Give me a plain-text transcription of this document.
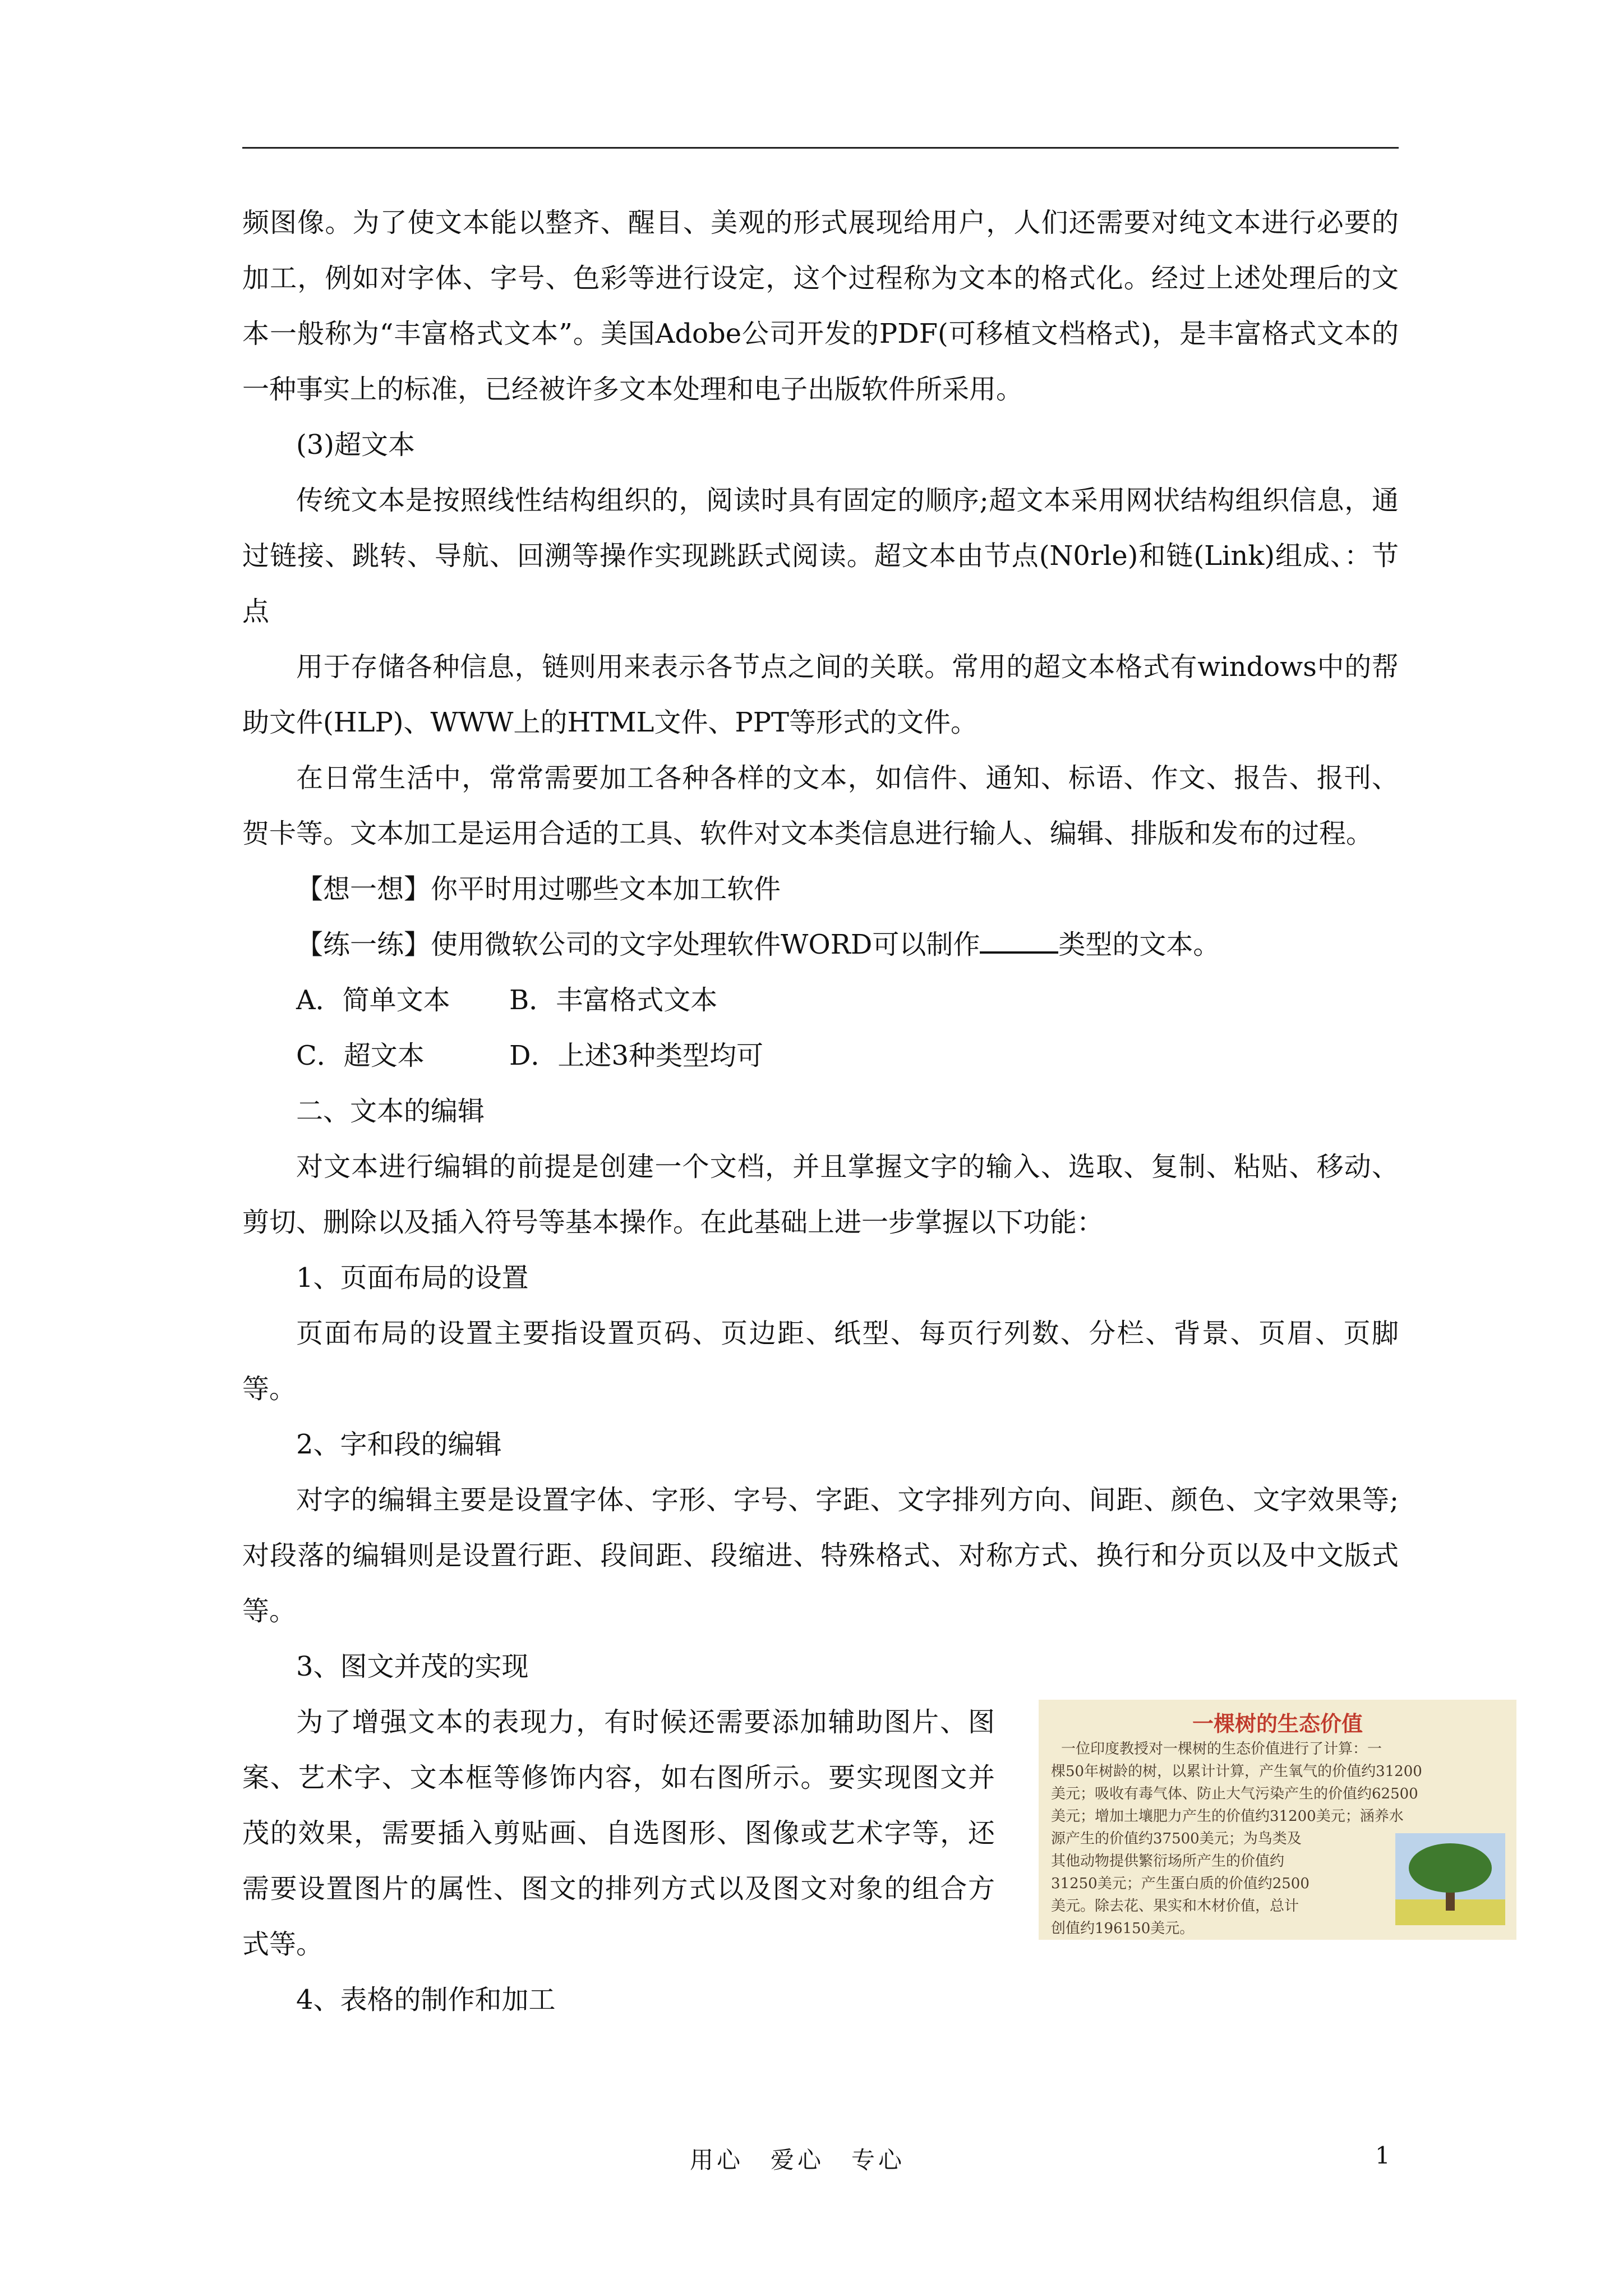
频图像。为了使文本能以整齐、醒目、美观的形式展现给用户，人们还需要对纯文本进行必要的加工，例如对字体、字号、色彩等进行设定，这个过程称为文本的格式化。经过上述处理后的文本一般称为“丰富格式文本”。美国Adobe公司开发的PDF(可移植文档格式)，是丰富格式文本的一种事实上的标准，已经被许多文本处理和电子出版软件所采用。

(3)超文本

传统文本是按照线性结构组织的，阅读时具有固定的顺序;超文本采用网状结构组织信息，通过链接、跳转、导航、回溯等操作实现跳跃式阅读。超文本由节点(N0rle)和链(Link)组成、：节点

用于存储各种信息，链则用来表示各节点之间的关联。常用的超文本格式有windows中的帮助文件(HLP)、WWW上的HTML文件、PPT等形式的文件。

在日常生活中，常常需要加工各种各样的文本，如信件、通知、标语、作文、报告、报刊、贺卡等。文本加工是运用合适的工具、软件对文本类信息进行输人、编辑、排版和发布的过程。

【想一想】你平时用过哪些文本加工软件

【练一练】使用微软公司的文字处理软件WORD可以制作	类型的文本。

A．简单文本 B．丰富格式文本

C．超文本	D．上述3种类型均可

二、文本的编辑

对文本进行编辑的前提是创建一个文档，并且掌握文字的输入、选取、复制、粘贴、移动、剪切、删除以及插入符号等基本操作。在此基础上进一步掌握以下功能：

1、页面布局的设置

页面布局的设置主要指设置页码、页边距、纸型、每页行列数、分栏、背景、页眉、页脚等。

2、字和段的编辑

对字的编辑主要是设置字体、字形、字号、字距、文字排列方向、间距、颜色、文字效果等;对段落的编辑则是设置行距、段间距、段缩进、特殊格式、对称方式、换行和分页以及中文版式等。

3、图文并茂的实现

为了增强文本的表现力，有时候还需要添加辅助图片、图案、艺术字、文本框等修饰内容，如右图所示。要实现图文并茂的效果，需要插入剪贴画、自选图形、图像或艺术字等，还需要设置图片的属性、图文的排列方式以及图文对象的组合方式等。

4、表格的制作和加工

一棵树的生态价值
一位印度教授对一棵树的生态价值进行了计算：一
棵50年树龄的树，以累计计算，产生氧气的价值约31200
美元；吸收有毒气体、防止大气污染产生的价值约62500
美元；增加土壤肥力产生的价值约31200美元；涵养水
源产生的价值约37500美元；为鸟类及
其他动物提供繁衍场所产生的价值约
31250美元；产生蛋白质的价值约2500
美元。除去花、果实和木材价值，总计
创值约196150美元。
用心　爱心　专心	1
